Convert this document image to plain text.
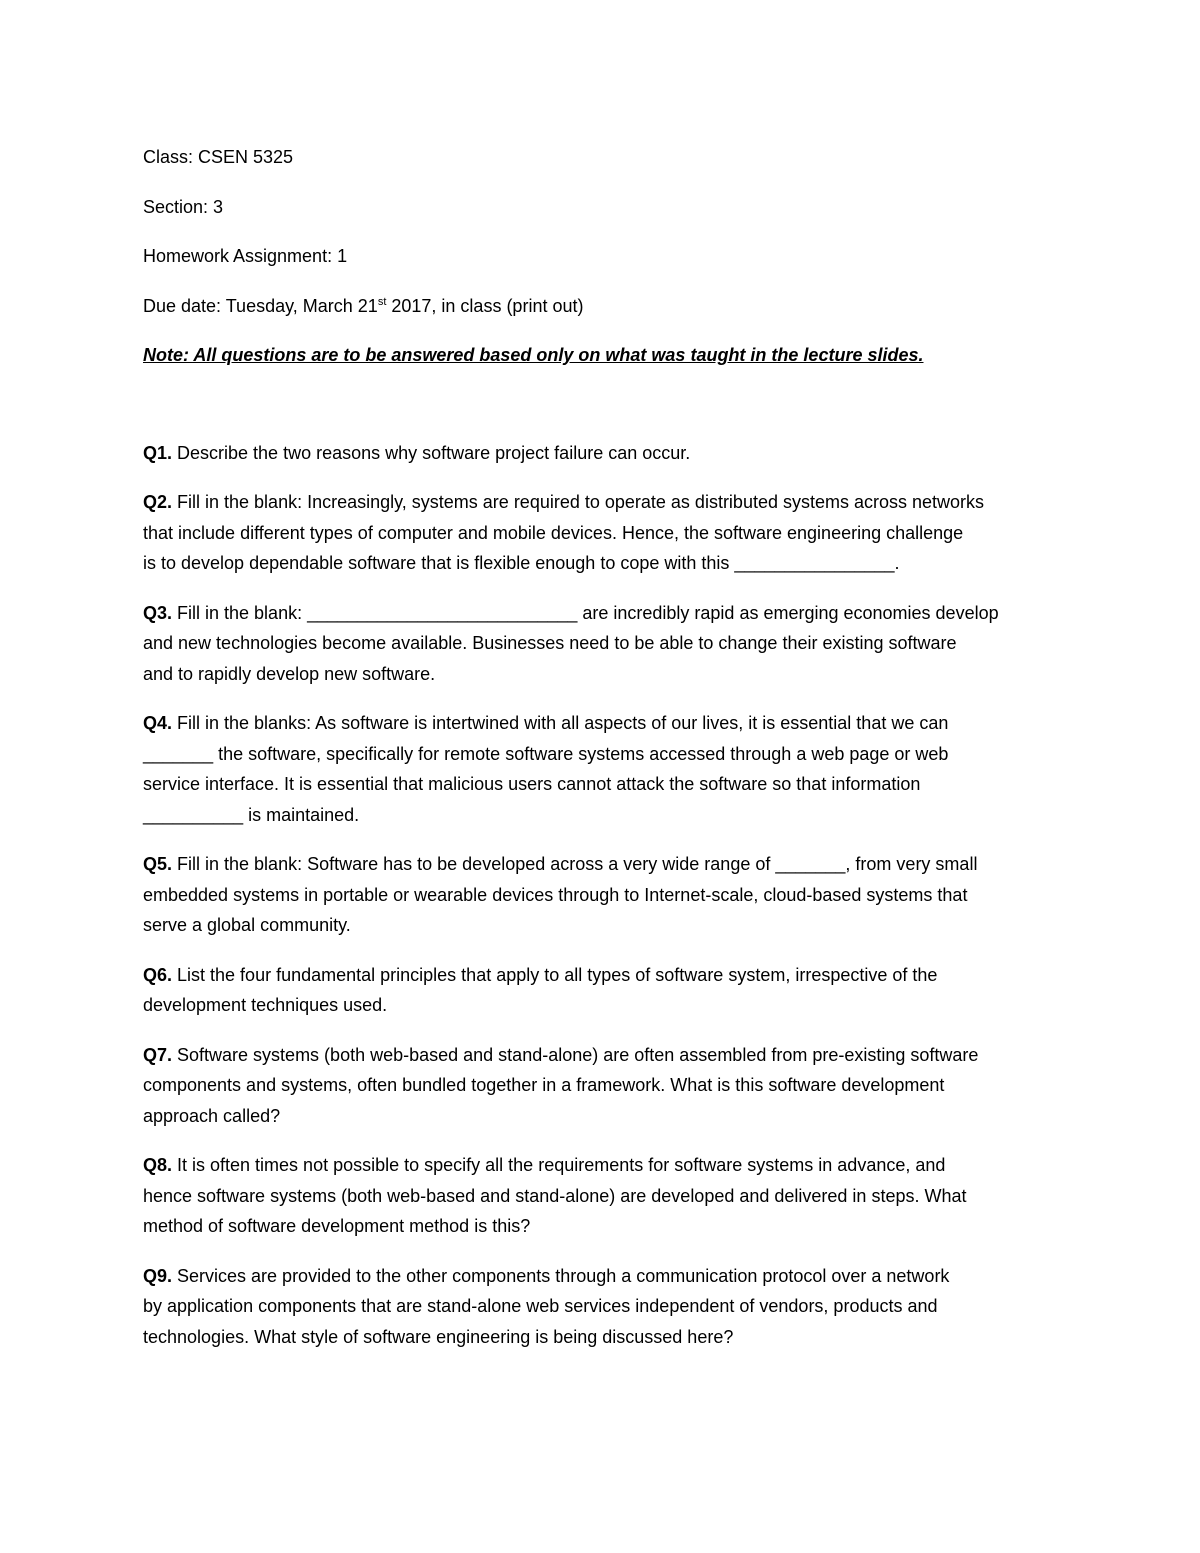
Class: CSEN 5325

Section: 3

Homework Assignment: 1

Due date: Tuesday, March 21st 2017, in class (print out)

Note: All questions are to be answered based only on what was taught in the lecture slides.

Q1. Describe the two reasons why software project failure can occur.

Q2. Fill in the blank: Increasingly, systems are required to operate as distributed systems across networks

that include different types of computer and mobile devices. Hence, the software engineering challenge

is to develop dependable software that is flexible enough to cope with this ________________.

Q3. Fill in the blank: ___________________________ are incredibly rapid as emerging economies develop

and new technologies become available. Businesses need to be able to change their existing software

and to rapidly develop new software.

Q4. Fill in the blanks: As software is intertwined with all aspects of our lives, it is essential that we can

_______ the software, specifically for remote software systems accessed through a web page or web

service interface. It is essential that malicious users cannot attack the software so that information

__________ is maintained.

Q5. Fill in the blank: Software has to be developed across a very wide range of _______, from very small

embedded systems in portable or wearable devices through to Internet-scale, cloud-based systems that

serve a global community.

Q6. List the four fundamental principles that apply to all types of software system, irrespective of the

development techniques used.

Q7. Software systems (both web-based and stand-alone) are often assembled from pre-existing software

components and systems, often bundled together in a framework. What is this software development

approach called?

Q8. It is often times not possible to specify all the requirements for software systems in advance, and

hence software systems (both web-based and stand-alone) are developed and delivered in steps. What

method of software development method is this?

Q9. Services are provided to the other components through a communication protocol over a network

by application components that are stand-alone web services independent of vendors, products and

technologies. What style of software engineering is being discussed here?
